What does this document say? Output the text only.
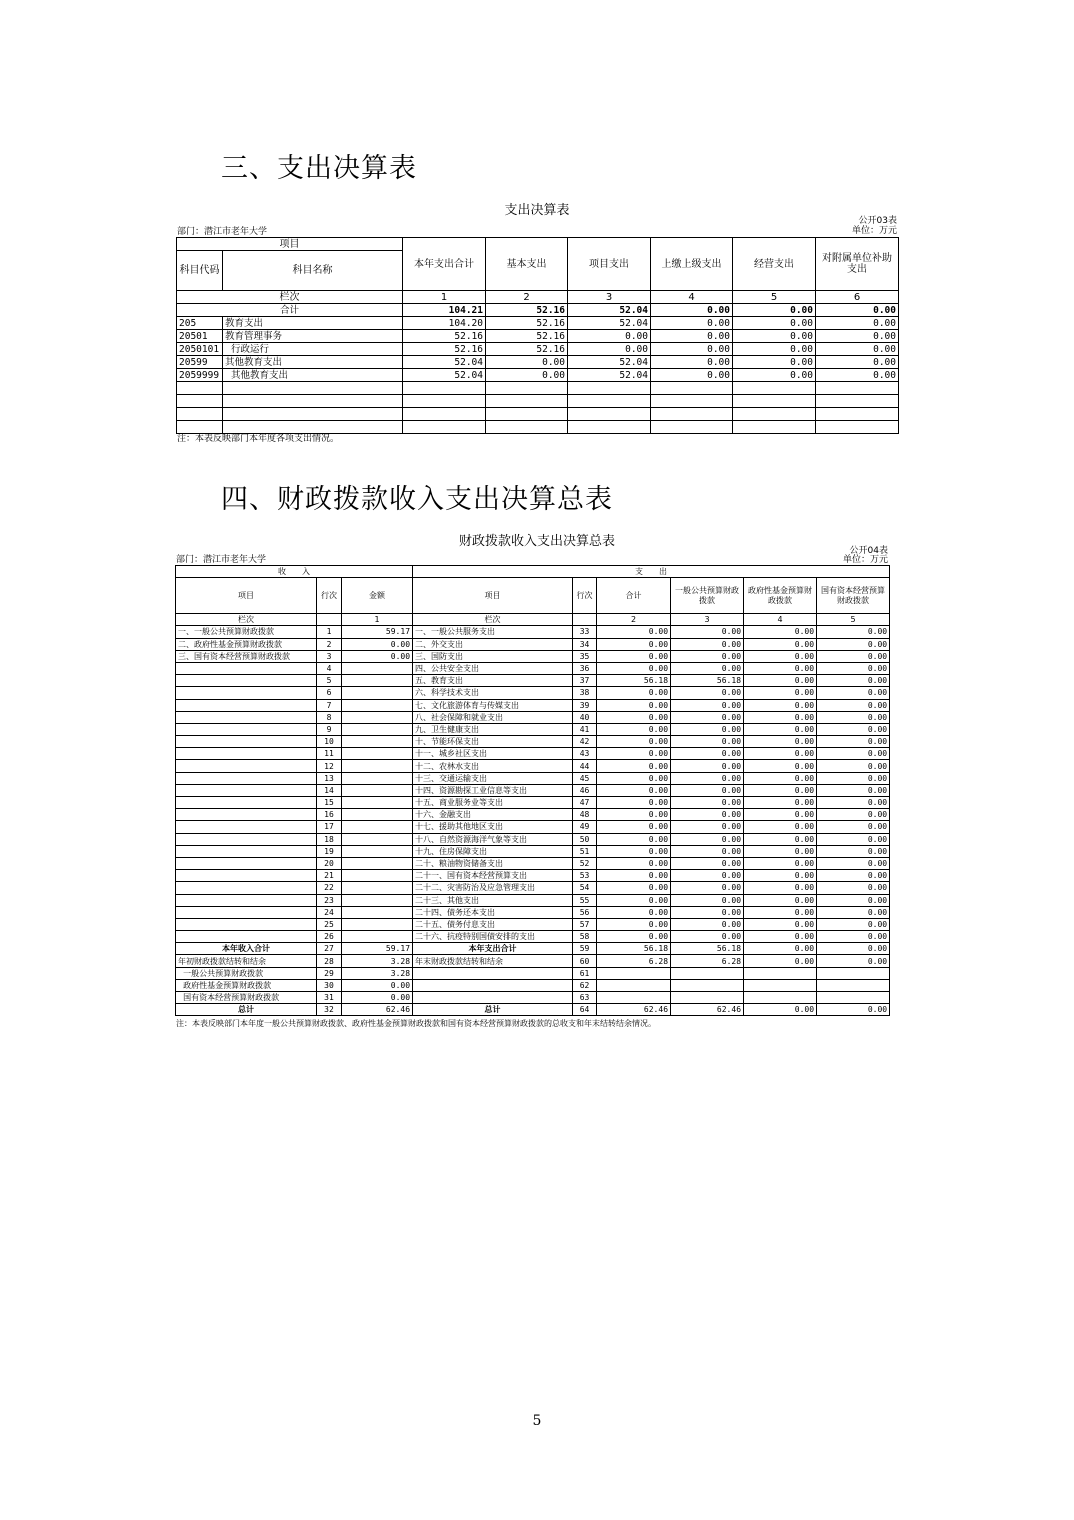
三、支出决算表
支出决算表
公开03表
单位：万元
部门：潜江市老年大学
项目		本年支出合计	基本支出	项目支出	上缴上级支出	经营支出	对附属单位补助支出
科目代码	科目名称						
栏次		1	2	3	4	5	6
合计		104.21	52.16	52.04	0.00	0.00	0.00
205	教育支出	104.20	52.16	52.04	0.00	0.00	0.00
20501	教育管理事务	52.16	52.16	0.00	0.00	0.00	0.00
2050101	行政运行	52.16	52.16	0.00	0.00	0.00	0.00
20599	其他教育支出	52.04	0.00	52.04	0.00	0.00	0.00
2059999	其他教育支出	52.04	0.00	52.04	0.00	0.00	0.00

注：本表反映部门本年度各项支出情况。
四、财政拨款收入支出决算总表
财政拨款收入支出决算总表
公开04表
单位：万元
部门：潜江市老年大学
收　　入			支　　出					
项目	行次	金额	项目	行次	合计	一般公共预算财政拨款	政府性基金预算财政拨款	国有资本经营预算财政拨款
栏次		1	栏次		2	3	4	5
一、一般公共预算财政拨款	1	59.17	一、一般公共服务支出	33	0.00	0.00	0.00	0.00
二、政府性基金预算财政拨款	2	0.00	二、外交支出	34	0.00	0.00	0.00	0.00
三、国有资本经营预算财政拨款	3	0.00	三、国防支出	35	0.00	0.00	0.00	0.00
	4		四、公共安全支出	36	0.00	0.00	0.00	0.00
	5		五、教育支出	37	56.18	56.18	0.00	0.00
	6		六、科学技术支出	38	0.00	0.00	0.00	0.00
	7		七、文化旅游体育与传媒支出	39	0.00	0.00	0.00	0.00
	8		八、社会保障和就业支出	40	0.00	0.00	0.00	0.00
	9		九、卫生健康支出	41	0.00	0.00	0.00	0.00
	10		十、节能环保支出	42	0.00	0.00	0.00	0.00
	11		十一、城乡社区支出	43	0.00	0.00	0.00	0.00
	12		十二、农林水支出	44	0.00	0.00	0.00	0.00
	13		十三、交通运输支出	45	0.00	0.00	0.00	0.00
	14		十四、资源勘探工业信息等支出	46	0.00	0.00	0.00	0.00
	15		十五、商业服务业等支出	47	0.00	0.00	0.00	0.00
	16		十六、金融支出	48	0.00	0.00	0.00	0.00
	17		十七、援助其他地区支出	49	0.00	0.00	0.00	0.00
	18		十八、自然资源海洋气象等支出	50	0.00	0.00	0.00	0.00
	19		十九、住房保障支出	51	0.00	0.00	0.00	0.00
	20		二十、粮油物资储备支出	52	0.00	0.00	0.00	0.00
	21		二十一、国有资本经营预算支出	53	0.00	0.00	0.00	0.00
	22		二十二、灾害防治及应急管理支出	54	0.00	0.00	0.00	0.00
	23		二十三、其他支出	55	0.00	0.00	0.00	0.00
	24		二十四、债务还本支出	56	0.00	0.00	0.00	0.00
	25		二十五、债务付息支出	57	0.00	0.00	0.00	0.00
	26		二十六、抗疫特别国债安排的支出	58	0.00	0.00	0.00	0.00
本年收入合计	27	59.17	本年支出合计	59	56.18	56.18	0.00	0.00
年初财政拨款结转和结余	28	3.28	年末财政拨款结转和结余	60	6.28	6.28	0.00	0.00
一般公共预算财政拨款	29	3.28		61				
政府性基金预算财政拨款	30	0.00		62				
国有资本经营预算财政拨款	31	0.00		63				
总计	32	62.46	总计	64	62.46	62.46	0.00	0.00
注：本表反映部门本年度一般公共预算财政拨款、政府性基金预算财政拨款和国有资本经营预算财政拨款的总收支和年末结转结余情况。
5
